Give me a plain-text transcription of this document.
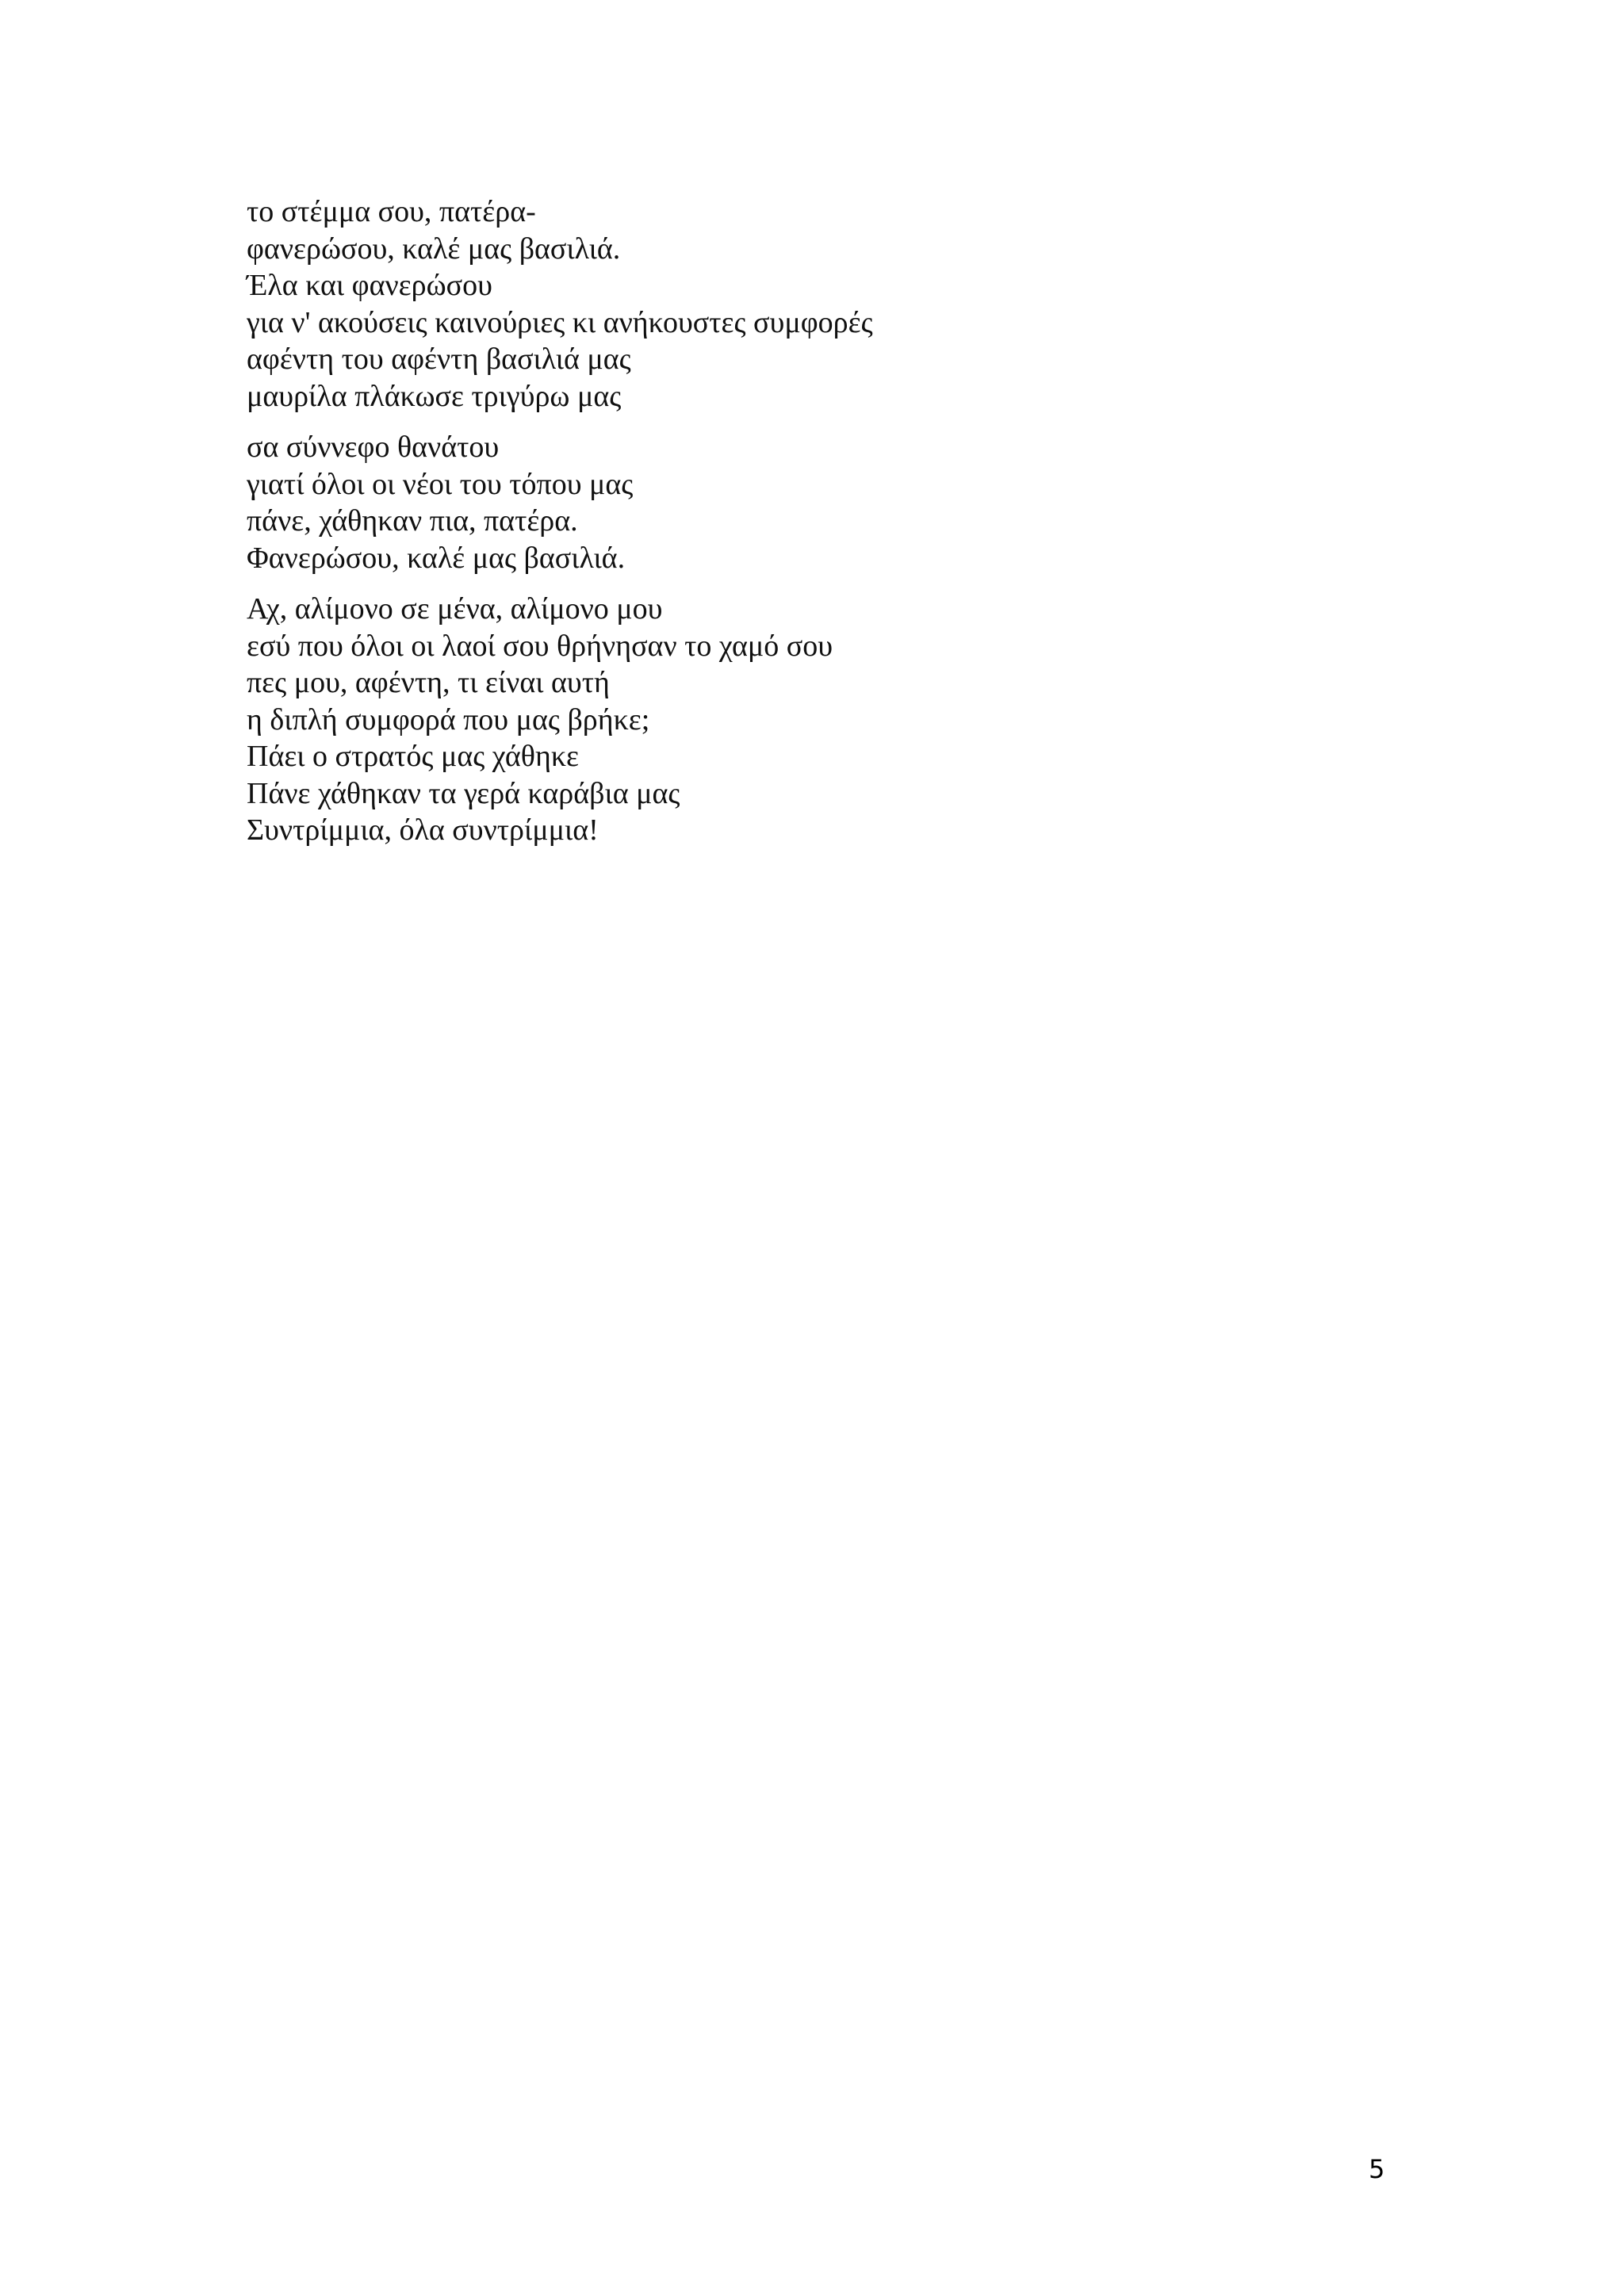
το στέμμα σου, πατέρα-
φανερώσου, καλέ μας βασιλιά.
Έλα και φανερώσου
για ν' ακούσεις καινούριες κι ανήκουστες συμφορές
αφέντη του αφέντη βασιλιά μας
μαυρίλα πλάκωσε τριγύρω μας
σα σύννεφο θανάτου
γιατί όλοι οι νέοι του τόπου μας
πάνε, χάθηκαν πια, πατέρα.
Φανερώσου, καλέ μας βασιλιά.
Αχ, αλίμονο σε μένα, αλίμονο μου
εσύ που όλοι οι λαοί σου θρήνησαν το χαμό σου
πες μου, αφέντη, τι είναι αυτή
η διπλή συμφορά που μας βρήκε;
Πάει ο στρατός μας χάθηκε
Πάνε χάθηκαν τα γερά καράβια μας
Συντρίμμια, όλα συντρίμμια!
5
